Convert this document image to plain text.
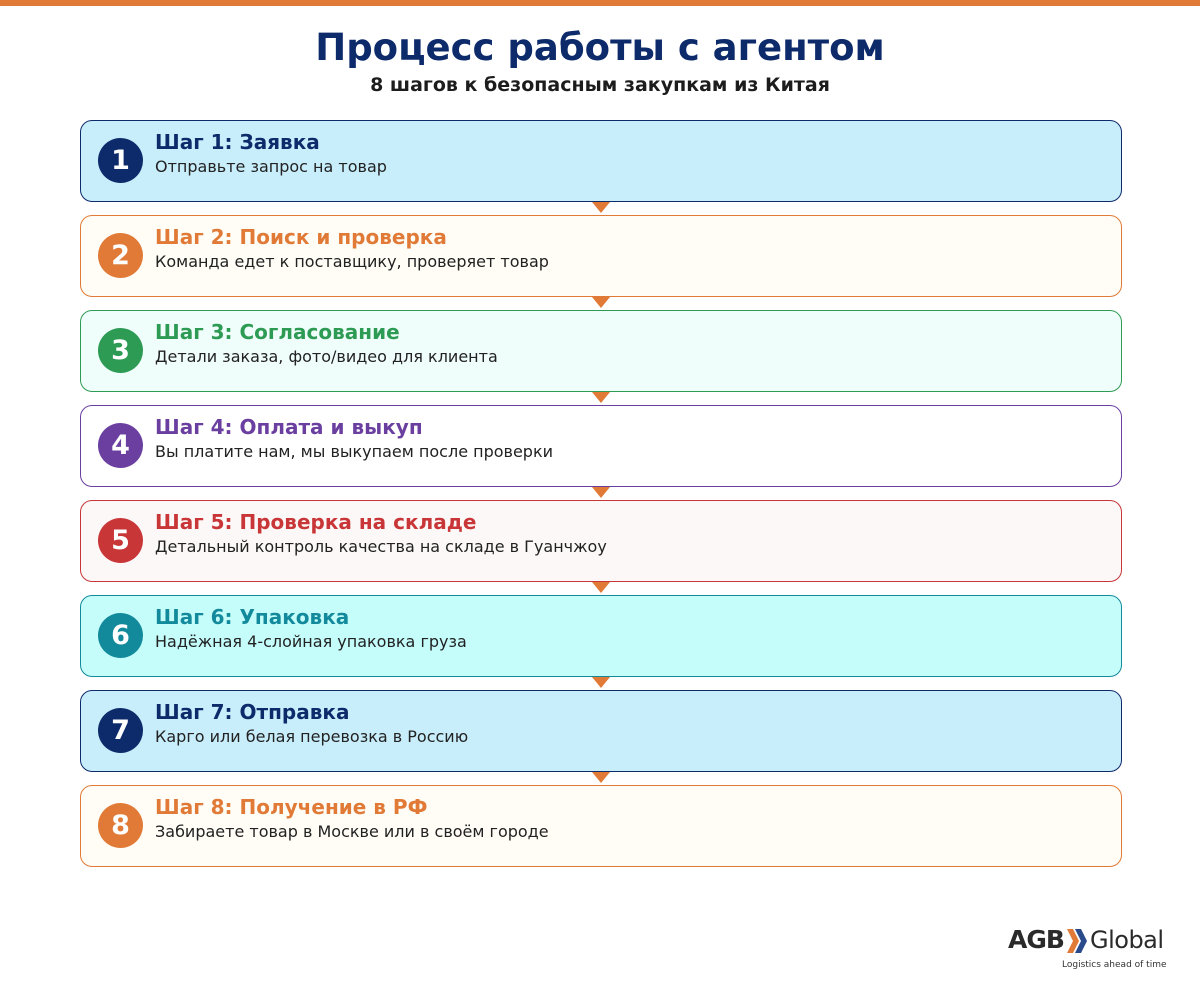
Процесс работы с агентом
8 шагов к безопасным закупкам из Китая
1
Шаг 1: Заявка
Отправьте запрос на товар
2
Шаг 2: Поиск и проверка
Команда едет к поставщику, проверяет товар
3
Шаг 3: Согласование
Детали заказа, фото/видео для клиента
4
Шаг 4: Оплата и выкуп
Вы платите нам, мы выкупаем после проверки
5
Шаг 5: Проверка на складе
Детальный контроль качества на складе в Гуанчжоу
6
Шаг 6: Упаковка
Надёжная 4-слойная упаковка груза
7
Шаг 7: Отправка
Карго или белая перевозка в Россию
8
Шаг 8: Получение в РФ
Забираете товар в Москве или в своём городе
AGB Global
Logistics ahead of time
